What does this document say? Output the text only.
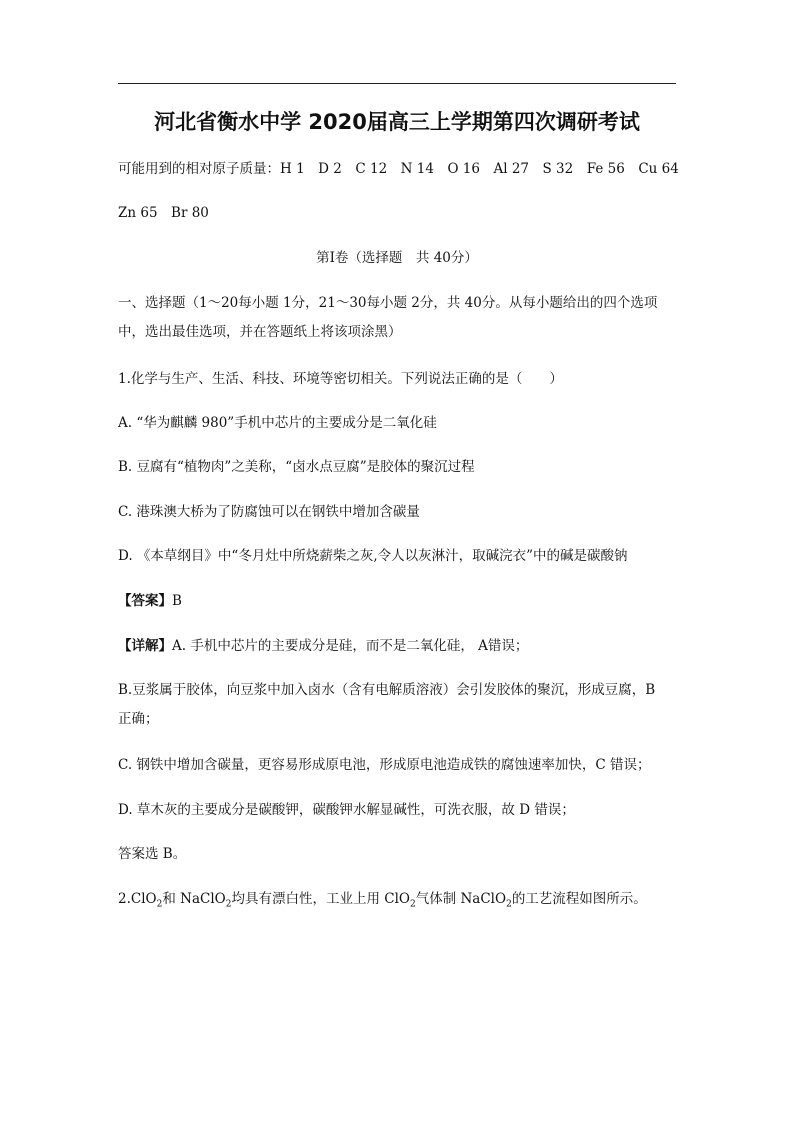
河北省衡水中学 2020届高三上学期第四次调研考试
可能用到的相对原子质量：H 1　D 2　C 12　N 14　O 16　Al 27　S 32　Fe 56　Cu 64
Zn 65　Br 80
第Ⅰ卷（选择题　共 40分）
一、选择题（1～20每小题 1分，21～30每小题 2分，共 40分。从每小题给出的四个选项
中，选出最佳选项，并在答题纸上将该项涂黑）
1.化学与生产、生活、科技、环境等密切相关。下列说法正确的是（　　）
A. “华为麒麟 980”手机中芯片的主要成分是二氧化硅
B. 豆腐有“植物肉”之美称，“卤水点豆腐”是胶体的聚沉过程
C. 港珠澳大桥为了防腐蚀可以在钢铁中增加含碳量
D. 《本草纲目》中“冬月灶中所烧薪柴之灰,令人以灰淋汁，取碱浣衣”中的碱是碳酸钠
【答案】B
【详解】A. 手机中芯片的主要成分是硅，而不是二氧化硅， A错误；
B.豆浆属于胶体，向豆浆中加入卤水（含有电解质溶液）会引发胶体的聚沉，形成豆腐，B
正确；
C. 钢铁中增加含碳量，更容易形成原电池，形成原电池造成铁的腐蚀速率加快，C 错误；
D. 草木灰的主要成分是碳酸钾，碳酸钾水解显碱性，可洗衣服，故 D 错误；
答案选 B。
2.ClO$_2$和 NaClO$_2$均具有漂白性，工业上用 ClO$_2$气体制 NaClO$_2$的工艺流程如图所示。
